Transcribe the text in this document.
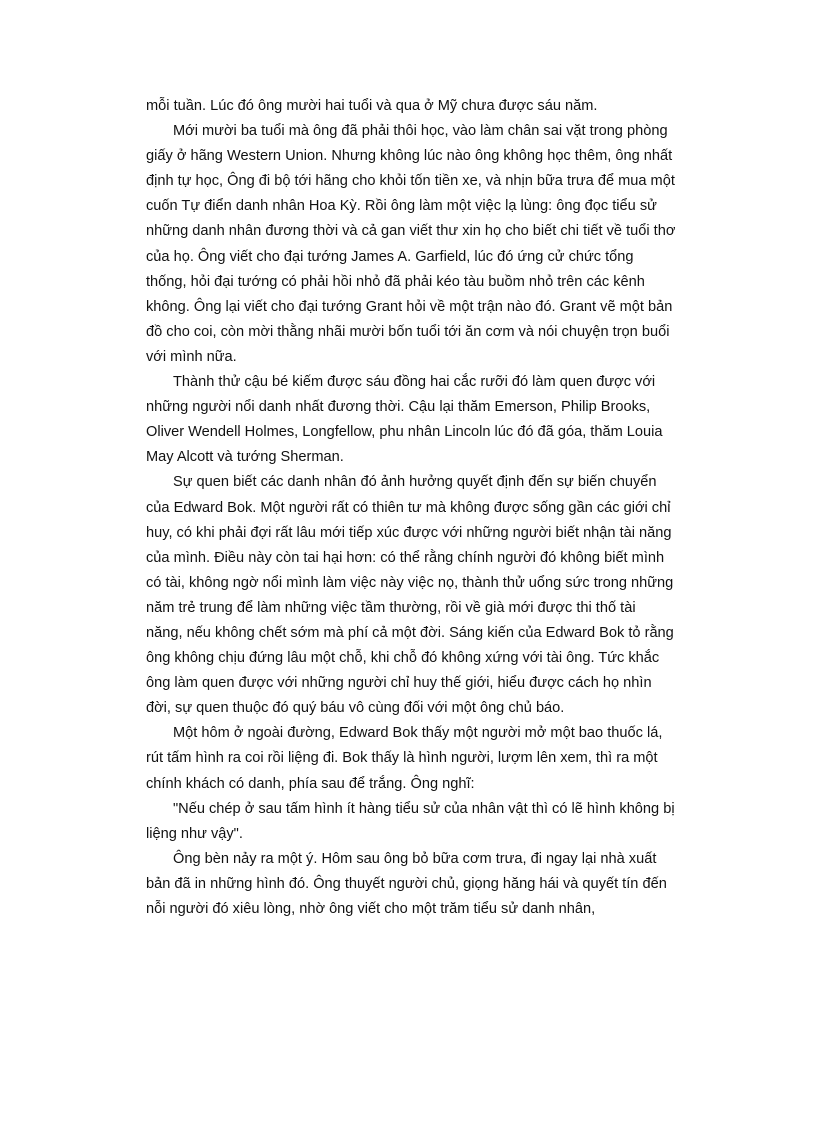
mỗi tuần. Lúc đó ông mười hai tuổi và qua ở Mỹ chưa được sáu năm.

Mới mười ba tuổi mà ông đã phải thôi học, vào làm chân sai vặt trong phòng giấy ở hãng Western Union. Nhưng không lúc nào ông không học thêm, ông nhất định tự học, Ông đi bộ tới hãng cho khỏi tốn tiền xe, và nhịn bữa trưa để mua một cuốn Tự điển danh nhân Hoa Kỳ. Rồi ông làm một việc lạ lùng: ông đọc tiểu sử những danh nhân đương thời và cả gan viết thư xin họ cho biết chi tiết về tuổi thơ của họ. Ông viết cho đại tướng James A. Garfield, lúc đó ứng cử chức tổng thống, hỏi đại tướng có phải hồi nhỏ đã phải kéo tàu buồm nhỏ trên các kênh không. Ông lại viết cho đại tướng Grant hỏi về một trận nào đó. Grant vẽ một bản đồ cho coi, còn mời thằng nhãi mười bốn tuổi tới ăn cơm và nói chuyện trọn buổi với mình nữa.

Thành thử cậu bé kiếm được sáu đồng hai cắc rưỡi đó làm quen được với những người nổi danh nhất đương thời. Cậu lại thăm Emerson, Philip Brooks, Oliver Wendell Holmes, Longfellow, phu nhân Lincoln lúc đó đã góa, thăm Louia May Alcott và tướng Sherman.

Sự quen biết các danh nhân đó ảnh hưởng quyết định đến sự biến chuyển của Edward Bok. Một người rất có thiên tư mà không được sống gần các giới chỉ huy, có khi phải đợi rất lâu mới tiếp xúc được với những người biết nhận tài năng của mình. Điều này còn tai hại hơn: có thể rằng chính người đó không biết mình có tài, không ngờ nổi mình làm việc này việc nọ, thành thử uổng sức trong những năm trẻ trung để làm những việc tầm thường, rồi về già mới được thi thố tài năng, nếu không chết sớm mà phí cả một đời. Sáng kiến của Edward Bok tỏ rằng ông không chịu đứng lâu một chỗ, khi chỗ đó không xứng với tài ông. Tức khắc ông làm quen được với những người chỉ huy thế giới, hiểu được cách họ nhìn đời, sự quen thuộc đó quý báu vô cùng đối với một ông chủ báo.

Một hôm ở ngoài đường, Edward Bok thấy một người mở một bao thuốc lá, rút tấm hình ra coi rồi liệng đi. Bok thấy là hình người, lượm lên xem, thì ra một chính khách có danh, phía sau để trắng. Ông nghĩ:

"Nếu chép ở sau tấm hình ít hàng tiểu sử của nhân vật thì có lẽ hình không bị liệng như vậy".

Ông bèn nảy ra một ý. Hôm sau ông bỏ bữa cơm trưa, đi ngay lại nhà xuất bản đã in những hình đó. Ông thuyết người chủ, giọng hăng hái và quyết tín đến nỗi người đó xiêu lòng, nhờ ông viết cho một trăm tiểu sử danh nhân,
